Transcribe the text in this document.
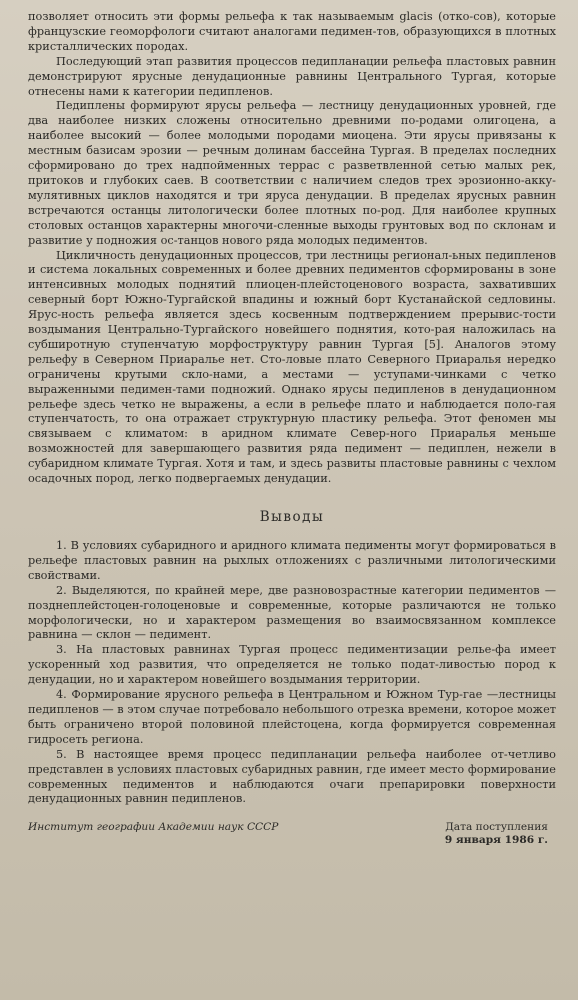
позволяет относить эти формы рельефа к так называемым glacis (отко-сов), которые французские геоморфологи считают аналогами педимен-тов, образующихся в плотных кристаллических породах.

Последующий этап развития процессов педипланации рельефа пластовых равнин демонстрируют ярусные денудационные равнины Центрального Тургая, которые отнесены нами к категории педипленов.

Педиплены формируют ярусы рельефа — лестницу денудационных уровней, где два наиболее низких сложены относительно древними по-родами олигоцена, а наиболее высокий — более молодыми породами миоцена. Эти ярусы привязаны к местным базисам эрозии — речным долинам бассейна Тургая. В пределах последних сформировано до трех надпойменных террас с разветвленной сетью малых рек, притоков и глубоких саев. В соответствии с наличием следов трех эрозионно-акку-мулятивных циклов находятся и три яруса денудации. В пределах ярусных равнин встречаются останцы литологически более плотных по-род. Для наиболее крупных столовых останцов характерны многочи-сленные выходы грунтовых вод по склонам и развитие у подножия ос-танцов нового ряда молодых педиментов.

Цикличность денудационных процессов, три лестницы регионал-ьных педипленов и система локальных современных и более древних педиментов сформированы в зоне интенсивных молодых поднятий плиоцен-плейстоценового возраста, захвативших северный борт Южно-Тургайской впадины и южный борт Кустанайской седловины. Ярус-ность рельефа является здесь косвенным подтверждением прерывис-тости воздымания Центрально-Тургайского новейшего поднятия, кото-рая наложилась на субширотную ступенчатую морфоструктуру равнин Тургая [5]. Аналогов этому рельефу в Северном Приаралье нет. Сто-ловые плато Северного Приаралья нередко ограничены крутыми скло-нами, а местами — уступами-чинками с четко выраженными педимен-тами подножий. Однако ярусы педипленов в денудационном рельефе здесь четко не выражены, а если в рельефе плато и наблюдается поло-гая ступенчатость, то она отражает структурную пластику рельефа. Этот феномен мы связываем с климатом: в аридном климате Север-ного Приаралья меньше возможностей для завершающего развития ряда педимент — педиплен, нежели в субаридном климате Тургая. Хотя и там, и здесь развиты пластовые равнины с чехлом осадочных пород, легко подвергаемых денудации.

Выводы

1. В условиях субаридного и аридного климата педименты могут формироваться в рельефе пластовых равнин на рыхлых отложениях с различными литологическими свойствами.

2. Выделяются, по крайней мере, две разновозрастные категории педиментов — позднеплейстоцен-голоценовые и современные, которые различаются не только морфологически, но и характером размещения во взаимосвязанном комплексе равнина — склон — педимент.

3. На пластовых равнинах Тургая процесс педиментизации релье-фа имеет ускоренный ход развития, что определяется не только подат-ливостью пород к денудации, но и характером новейшего воздымания территории.

4. Формирование ярусного рельефа в Центральном и Южном Тур-гае —лестницы педипленов — в этом случае потребовало небольшого отрезка времени, которое может быть ограничено второй половиной плейстоцена, когда формируется современная гидросеть региона.

5. В настоящее время процесс педипланации рельефа наиболее от-четливо представлен в условиях пластовых субаридных равнин, где имеет место формирование современных педиментов и наблюдаются очаги препарировки поверхности денудационных равнин педипленов.

Институт географии Академии наук СССР	Дата поступления
9 января 1986 г.
